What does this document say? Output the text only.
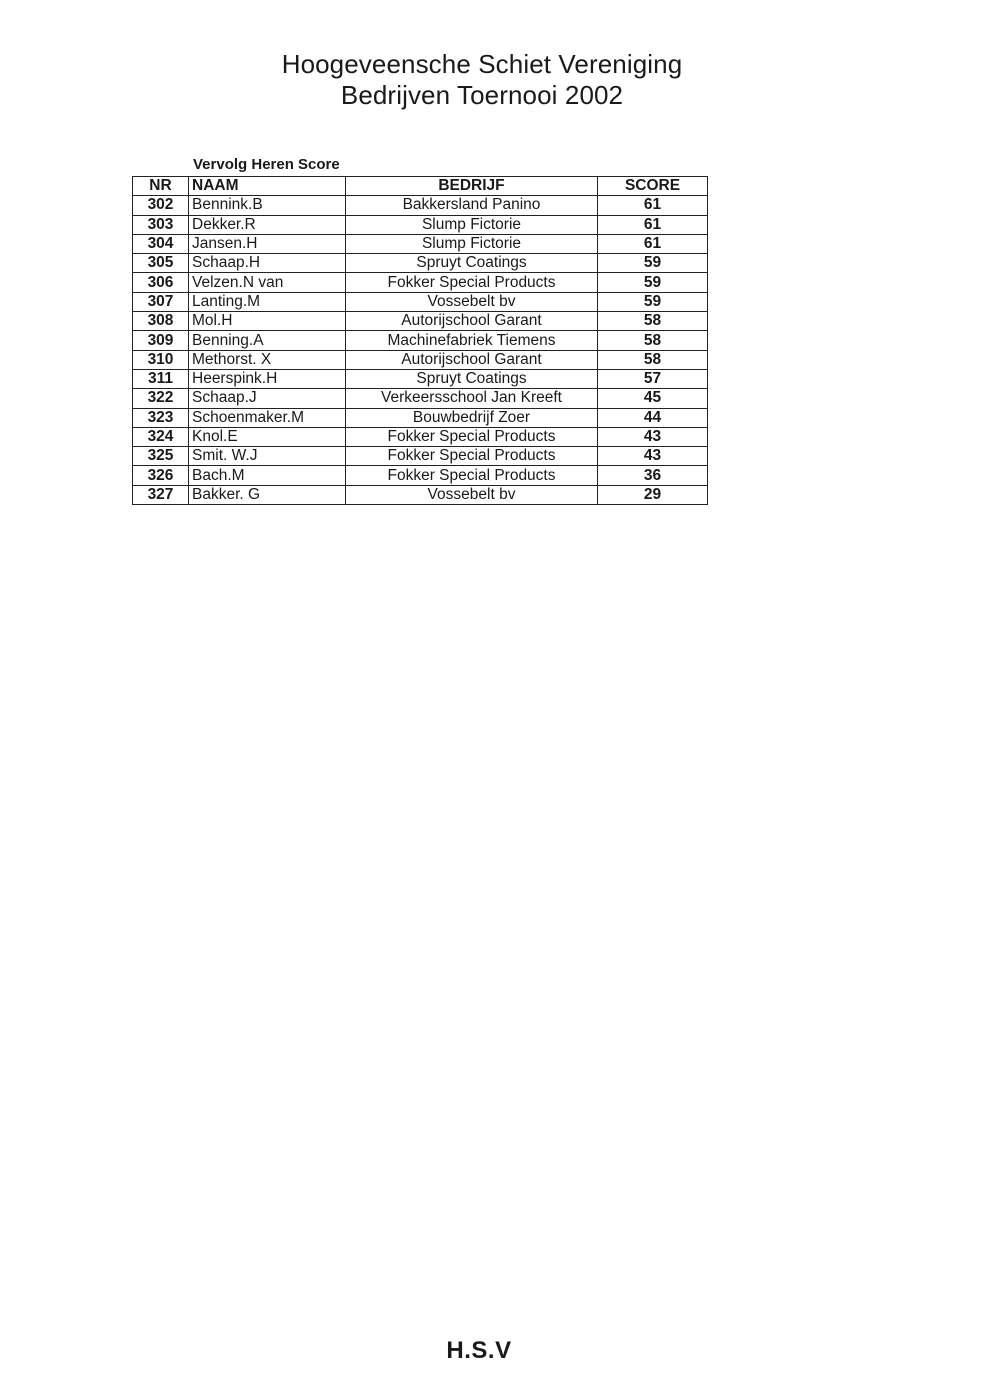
Hoogeveensche Schiet Vereniging
Bedrijven Toernooi 2002
Vervolg Heren Score
NR	NAAM	BEDRIJF	SCORE
302	Bennink.B	Bakkersland Panino	61
303	Dekker.R	Slump Fictorie	61
304	Jansen.H	Slump Fictorie	61
305	Schaap.H	Spruyt Coatings	59
306	Velzen.N van	Fokker Special Products	59
307	Lanting.M	Vossebelt bv	59
308	Mol.H	Autorijschool Garant	58
309	Benning.A	Machinefabriek Tiemens	58
310	Methorst. X	Autorijschool Garant	58
311	Heerspink.H	Spruyt Coatings	57
322	Schaap.J	Verkeersschool Jan Kreeft	45
323	Schoenmaker.M	Bouwbedrijf Zoer	44
324	Knol.E	Fokker Special Products	43
325	Smit. W.J	Fokker Special Products	43
326	Bach.M	Fokker Special Products	36
327	Bakker. G	Vossebelt bv	29
H.S.V
